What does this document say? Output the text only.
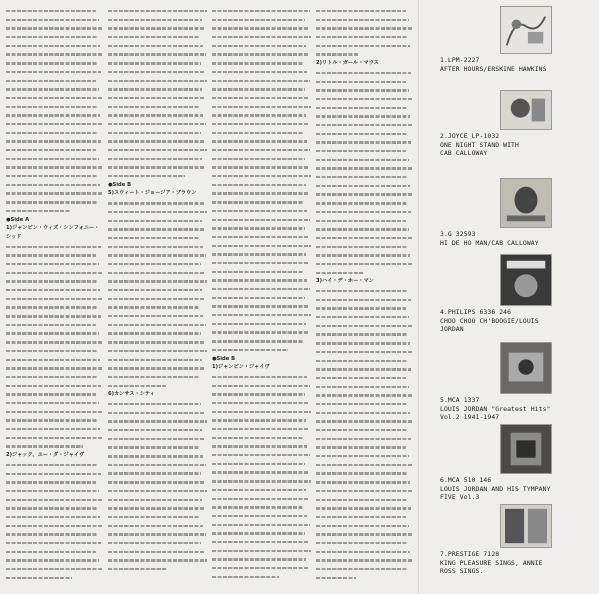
●Side A

1)ジャンピン・ウィズ・シンフォニー・シッド

2)ジャック、ユー・ダ・ジャイヴ

●Side B

5)スウィート・ジョージア・ブラウン

6)カンサス・シティ

●Side B

1)ジャンピン・ジャイヴ

2)リトル・ガール・マウス

3)ハイ・デ・ホー・マン

1.LPM-2227
AFTER HOURS/ERSKINE HAWKINS
2.JOYCE LP-1032
ONE NIGHT STAND WITH
CAB CALLOWAY
3.G 32593
HI DE HO MAN/CAB CALLOWAY
4.PHILIPS 6336 246
CHOO CHOO CH'BOOGIE/LOUIS
JORDAN
5.MCA 1337
LOUIS JORDAN "Greatest Hits"
Vol.2 1941-1947
6.MCA 510 146
LOUIS JORDAN AND HIS TYMPANY
FIVE Vol.3
7.PRESTIGE 7128
KING PLEASURE SINGS, ANNIE
ROSS SINGS.
